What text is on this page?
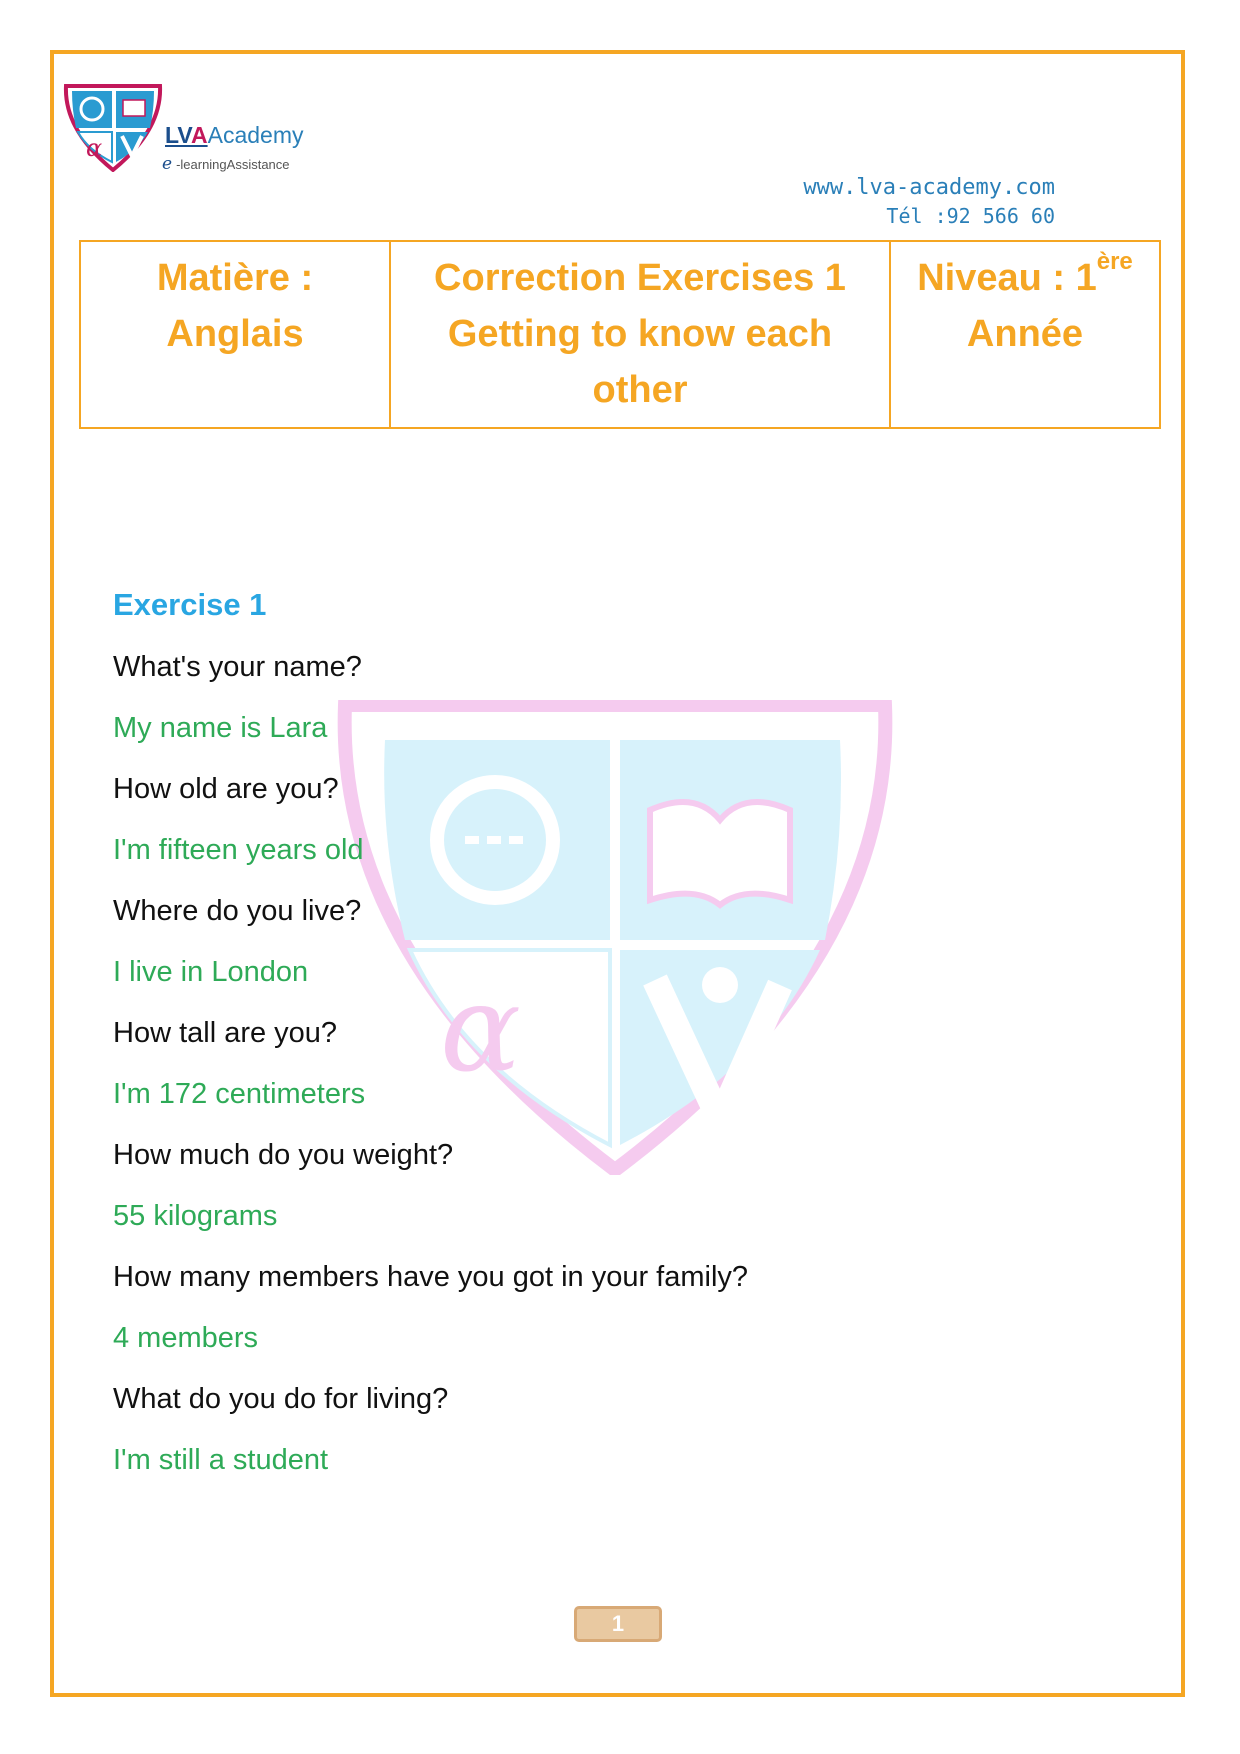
α	LVAAcademy
e -learningAssistance
www.lva-academy.com
Tél :92 566 60
Matière :
Anglais

Correction Exercises 1
Getting to know each
other

Niveau : 1ère
Année
α
Exercise 1
What's your name?
My name is Lara
How old are you?
I'm fifteen years old
Where do you live?
I live in London
How tall are you?
I'm 172 centimeters
How much do you weight?
55 kilograms
How many members have you got in your family?
4 members
What do you do for living?
I'm still a student
1
